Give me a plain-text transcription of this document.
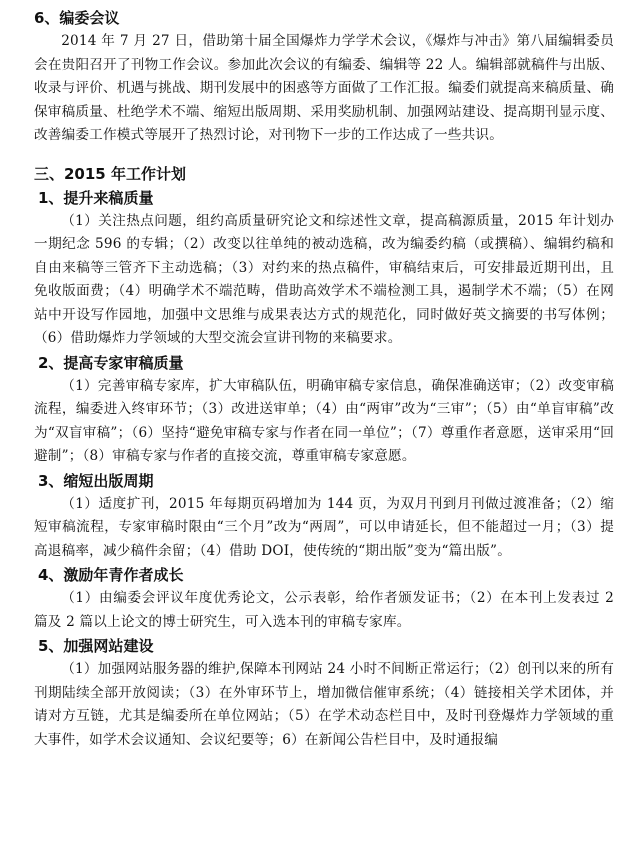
6、编委会议

2014 年 7 月 27 日，借助第十届全国爆炸力学学术会议，《爆炸与冲击》第八届编辑委员会在贵阳召开了刊物工作会议。参加此次会议的有编委、编辑等 22 人。编辑部就稿件与出版、收录与评价、机遇与挑战、期刊发展中的困惑等方面做了工作汇报。编委们就提高来稿质量、确保审稿质量、杜绝学术不端、缩短出版周期、采用奖励机制、加强网站建设、提高期刊显示度、改善编委工作模式等展开了热烈讨论，对刊物下一步的工作达成了一些共识。

三、2015 年工作计划
1、提升来稿质量

（1）关注热点问题，组约高质量研究论文和综述性文章，提高稿源质量，2015 年计划办一期纪念 596 的专辑；（2）改变以往单纯的被动选稿，改为编委约稿（或撰稿）、编辑约稿和自由来稿等三管齐下主动选稿；（3）对约来的热点稿件，审稿结束后，可安排最近期刊出，且免收版面费；（4）明确学术不端范畴，借助高效学术不端检测工具，遏制学术不端；（5）在网站中开设写作园地，加强中文思维与成果表达方式的规范化，同时做好英文摘要的书写体例；（6）借助爆炸力学领域的大型交流会宣讲刊物的来稿要求。

2、提高专家审稿质量

（1）完善审稿专家库，扩大审稿队伍，明确审稿专家信息，确保准确送审；（2）改变审稿流程，编委进入终审环节；（3）改进送审单；（4）由“两审”改为“三审”；（5）由“单盲审稿”改为“双盲审稿”；（6）坚持“避免审稿专家与作者在同一单位”；（7）尊重作者意愿，送审采用“回避制”；（8）审稿专家与作者的直接交流，尊重审稿专家意愿。

3、缩短出版周期

（1）适度扩刊，2015 年每期页码增加为 144 页，为双月刊到月刊做过渡准备；（2）缩短审稿流程，专家审稿时限由“三个月”改为“两周”，可以申请延长，但不能超过一月；（3）提高退稿率，减少稿件余留；（4）借助 DOI，使传统的“期出版”变为“篇出版”。

4、激励年青作者成长

（1）由编委会评议年度优秀论文，公示表彰，给作者颁发证书；（2）在本刊上发表过 2 篇及 2 篇以上论文的博士研究生，可入选本刊的审稿专家库。

5、加强网站建设

（1）加强网站服务器的维护,保障本刊网站 24 小时不间断正常运行；（2）创刊以来的所有刊期陆续全部开放阅读；（3）在外审环节上，增加微信催审系统；（4）链接相关学术团体，并请对方互链，尤其是编委所在单位网站；（5）在学术动态栏目中，及时刊登爆炸力学领域的重大事件，如学术会议通知、会议纪要等；6）在新闻公告栏目中，及时通报编
